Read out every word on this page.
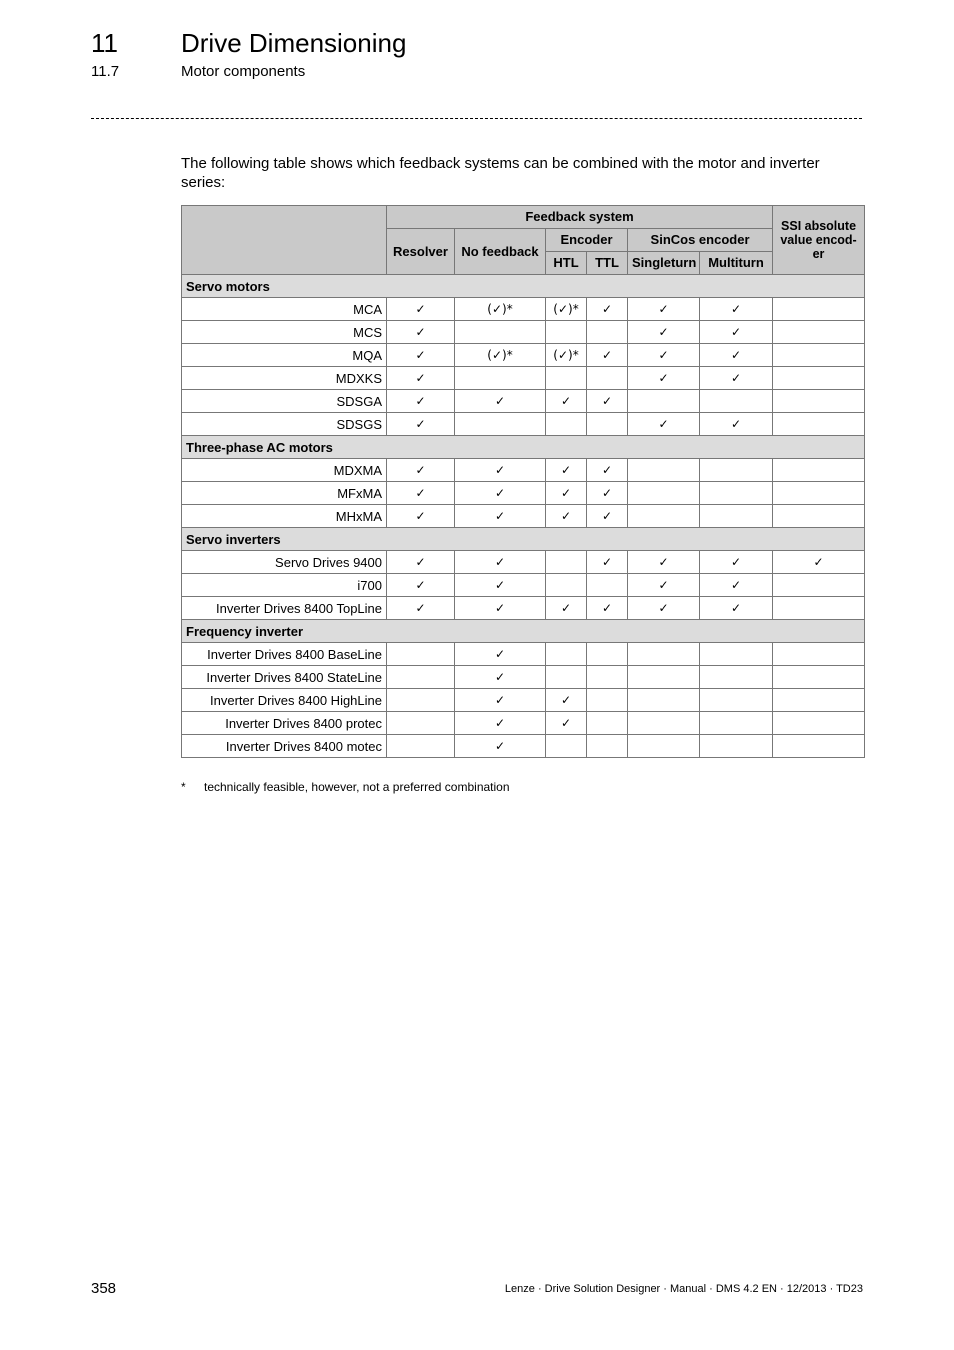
11 Drive Dimensioning
11.7	Motor components

The following table shows which feedback systems can be combined with the motor and inverter series:

	Feedback system						SSI absolute value encod-er
	Resolver	No feedback	Encoder		SinCos encoder		
			HTL	TTL	Singleturn	Multiturn	
Servo motors							
MCA	✓	(✓)*	(✓)*	✓	✓	✓	
MCS	✓				✓	✓	
MQA	✓	(✓)*	(✓)*	✓	✓	✓	
MDXKS	✓				✓	✓	
SDSGA	✓	✓	✓	✓			
SDSGS	✓				✓	✓	
Three-phase AC motors							
MDXMA	✓	✓	✓	✓			
MFxMA	✓	✓	✓	✓			
MHxMA	✓	✓	✓	✓			
Servo inverters							
Servo Drives 9400	✓	✓		✓	✓	✓	✓
i700	✓	✓			✓	✓	
Inverter Drives 8400 TopLine	✓	✓	✓	✓	✓	✓	
Frequency inverter							
Inverter Drives 8400 BaseLine		✓					
Inverter Drives 8400 StateLine		✓					
Inverter Drives 8400 HighLine		✓	✓				
Inverter Drives 8400 protec		✓	✓				
Inverter Drives 8400 motec		✓					
* technically feasible, however, not a preferred combination
358	Lenze · Drive Solution Designer · Manual · DMS 4.2 EN · 12/2013 · TD23
